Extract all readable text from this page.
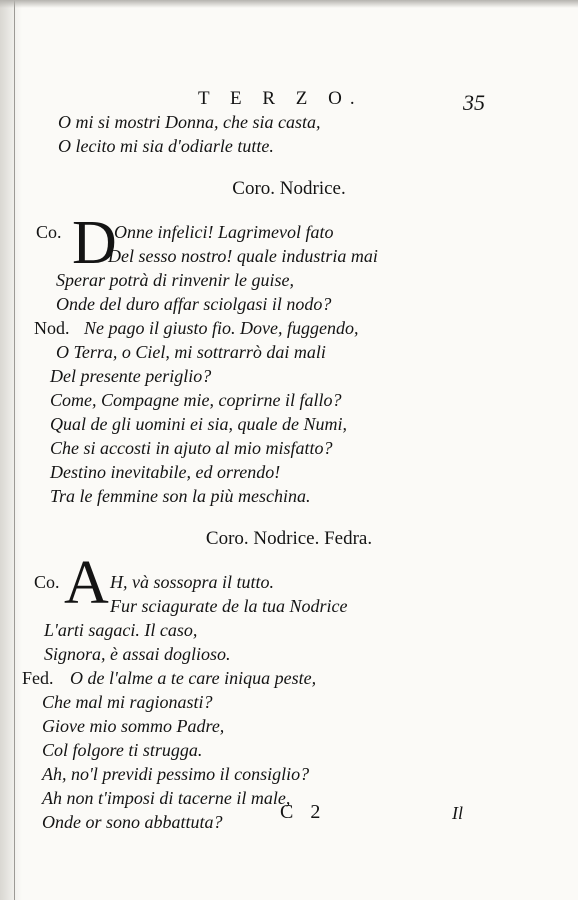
T E R Z O.	35
O mi si mostri Donna, che sia casta,
O lecito mi sia d'odiarle tutte.
Coro. Nodrice.
Co. D
Onne infelici! Lagrimevol fato
Del sesso nostro! quale industria mai
Sperar potrà di rinvenir le guise,
Onde del duro affar sciolgasi il nodo?
Nod. Ne pago il giusto fio. Dove, fuggendo,
O Terra, o Ciel, mi sottrarrò dai mali
Del presente periglio?
Come, Compagne mie, coprirne il fallo?
Qual de gli uomini ei sia, quale de Numi,
Che si accosti in ajuto al mio misfatto?
Destino inevitabile, ed orrendo!
Tra le femmine son la più meschina.
Coro. Nodrice. Fedra.
Co. A H, và sossopra il tutto.
Fur sciagurate de la tua Nodrice
L'arti sagaci. Il caso,
Signora, è assai doglioso.
Fed. O de l'alme a te care iniqua peste,
Che mal mi ragionasti?
Giove mio sommo Padre,
Col folgore ti strugga.
Ah, no'l previdi pessimo il consiglio?
Ah non t'imposi di tacerne il male,
Onde or sono abbattuta?	C 2	Il
